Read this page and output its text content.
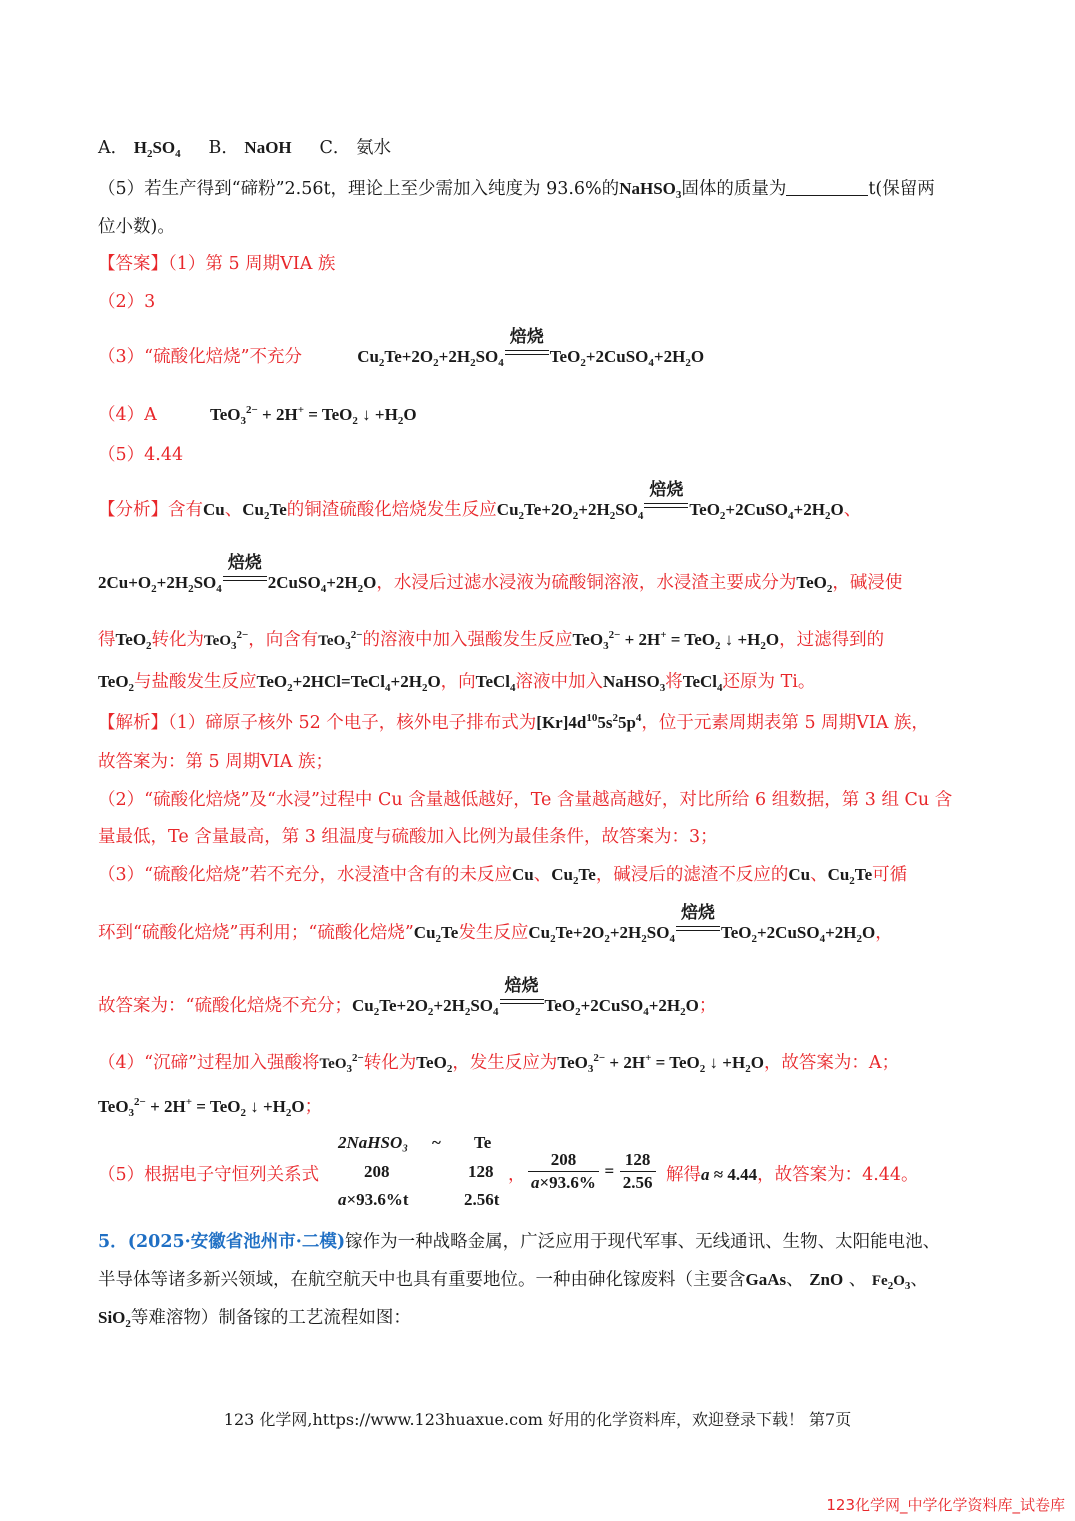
A． $H_2SO_4$ B． NaOH C． 氨水
（5）若生产得到“碲粉”2.56t，理论上至少需加入纯度为 93.6%的NaHSO$_3$固体的质量为	t(保留两
位小数)。
【答案】（1）第 5 周期VIA 族
（2）3
（3）“硫酸化焙烧”不充分	$Cu_2Te+2O_2+2H_2SO_4$
焙烧
$TeO_2+2CuSO_4+2H_2O$
（4）A	TeO$_3^{2-}$ + 2H+ = TeO$_2$ ↓ $+H_2O$
（5）4.44
【分析】含有Cu、$Cu_2Te$的铜渣硫酸化焙烧发生反应$Cu_2Te+2O_2+2H_2SO_4$
焙烧
$TeO_2+2CuSO_4+2H_2O$、
$2Cu+O_2+2H_2SO_4$
焙烧
$2CuSO_4+2H_2O$，水浸后过滤水浸液为硫酸铜溶液，水浸渣主要成分为TeO$_2$，碱浸使
得TeO$_2$转化为TeO$_3^{2-}$，向含有TeO$_3^{2-}$的溶液中加入强酸发生反应TeO$_3^{2-}$ + 2H+ = TeO$_2$ ↓ $+H_2O$，过滤得到的
TeO$_2$与盐酸发生反应$TeO_2+2HCl=TeCl_4+2H_2O$，向TeCl$_4$溶液中加入NaHSO$_3$将TeCl$_4$还原为 Ti。
【解析】（1）碲原子核外 52 个电子，核外电子排布式为$[Kr]4d^{10}5s^25p^4$，位于元素周期表第 5 周期VIA 族，
故答案为：第 5 周期VIA 族；
（2）“硫酸化焙烧”及“水浸”过程中 Cu 含量越低越好，Te 含量越高越好，对比所给 6 组数据，第 3 组 Cu 含
量最低，Te 含量最高，第 3 组温度与硫酸加入比例为最佳条件，故答案为：3；
（3）“硫酸化焙烧”若不充分，水浸渣中含有的未反应Cu、$Cu_2Te$，碱浸后的滤渣不反应的Cu、$Cu_2Te$可循
环到“硫酸化焙烧”再利用；“硫酸化焙烧$”Cu_2Te$发生反应$Cu_2Te+2O_2+2H_2SO_4$
焙烧
$TeO_2+2CuSO_4+2H_2O$，
故答案为：“硫酸化焙烧不充分；$Cu_2Te+2O_2+2H_2SO_4$
焙烧
$TeO_2+2CuSO_4+2H_2O$；
（4）“沉碲”过程加入强酸将TeO$_3^{2-}$转化为TeO$_2$，发生反应为TeO$_3^{2-}$ + 2H+ = TeO$_2$ ↓ $+H_2O$，故答案为：A；
TeO$_3^{2-}$ + 2H+ = TeO$_2$ ↓ $+H_2O$；
2NaHSO₃ ~ Te
208	128
a×93.6%t	2.56t
（5）根据电子守恒列关系式	， $\frac{208}{a\times 93.6\%} = \frac{128}{2.56}$ 解得a ≈ 4.44，故答案为：4.44。
5．(2025·安徽省池州市·二模)镓作为一种战略金属，广泛应用于现代军事、无线通讯、生物、太阳能电池、
半导体等诸多新兴领域，在航空航天中也具有重要地位。一种由砷化镓废料（主要含GaAs、 ZnO 、 $Fe_2O_3$、
SiO$_2$等难溶物）制备镓的工艺流程如图：
123 化学网,https://www.123huaxue.com 好用的化学资料库，欢迎登录下载！ 第7页
123化学网_中学化学资料库_试卷库
